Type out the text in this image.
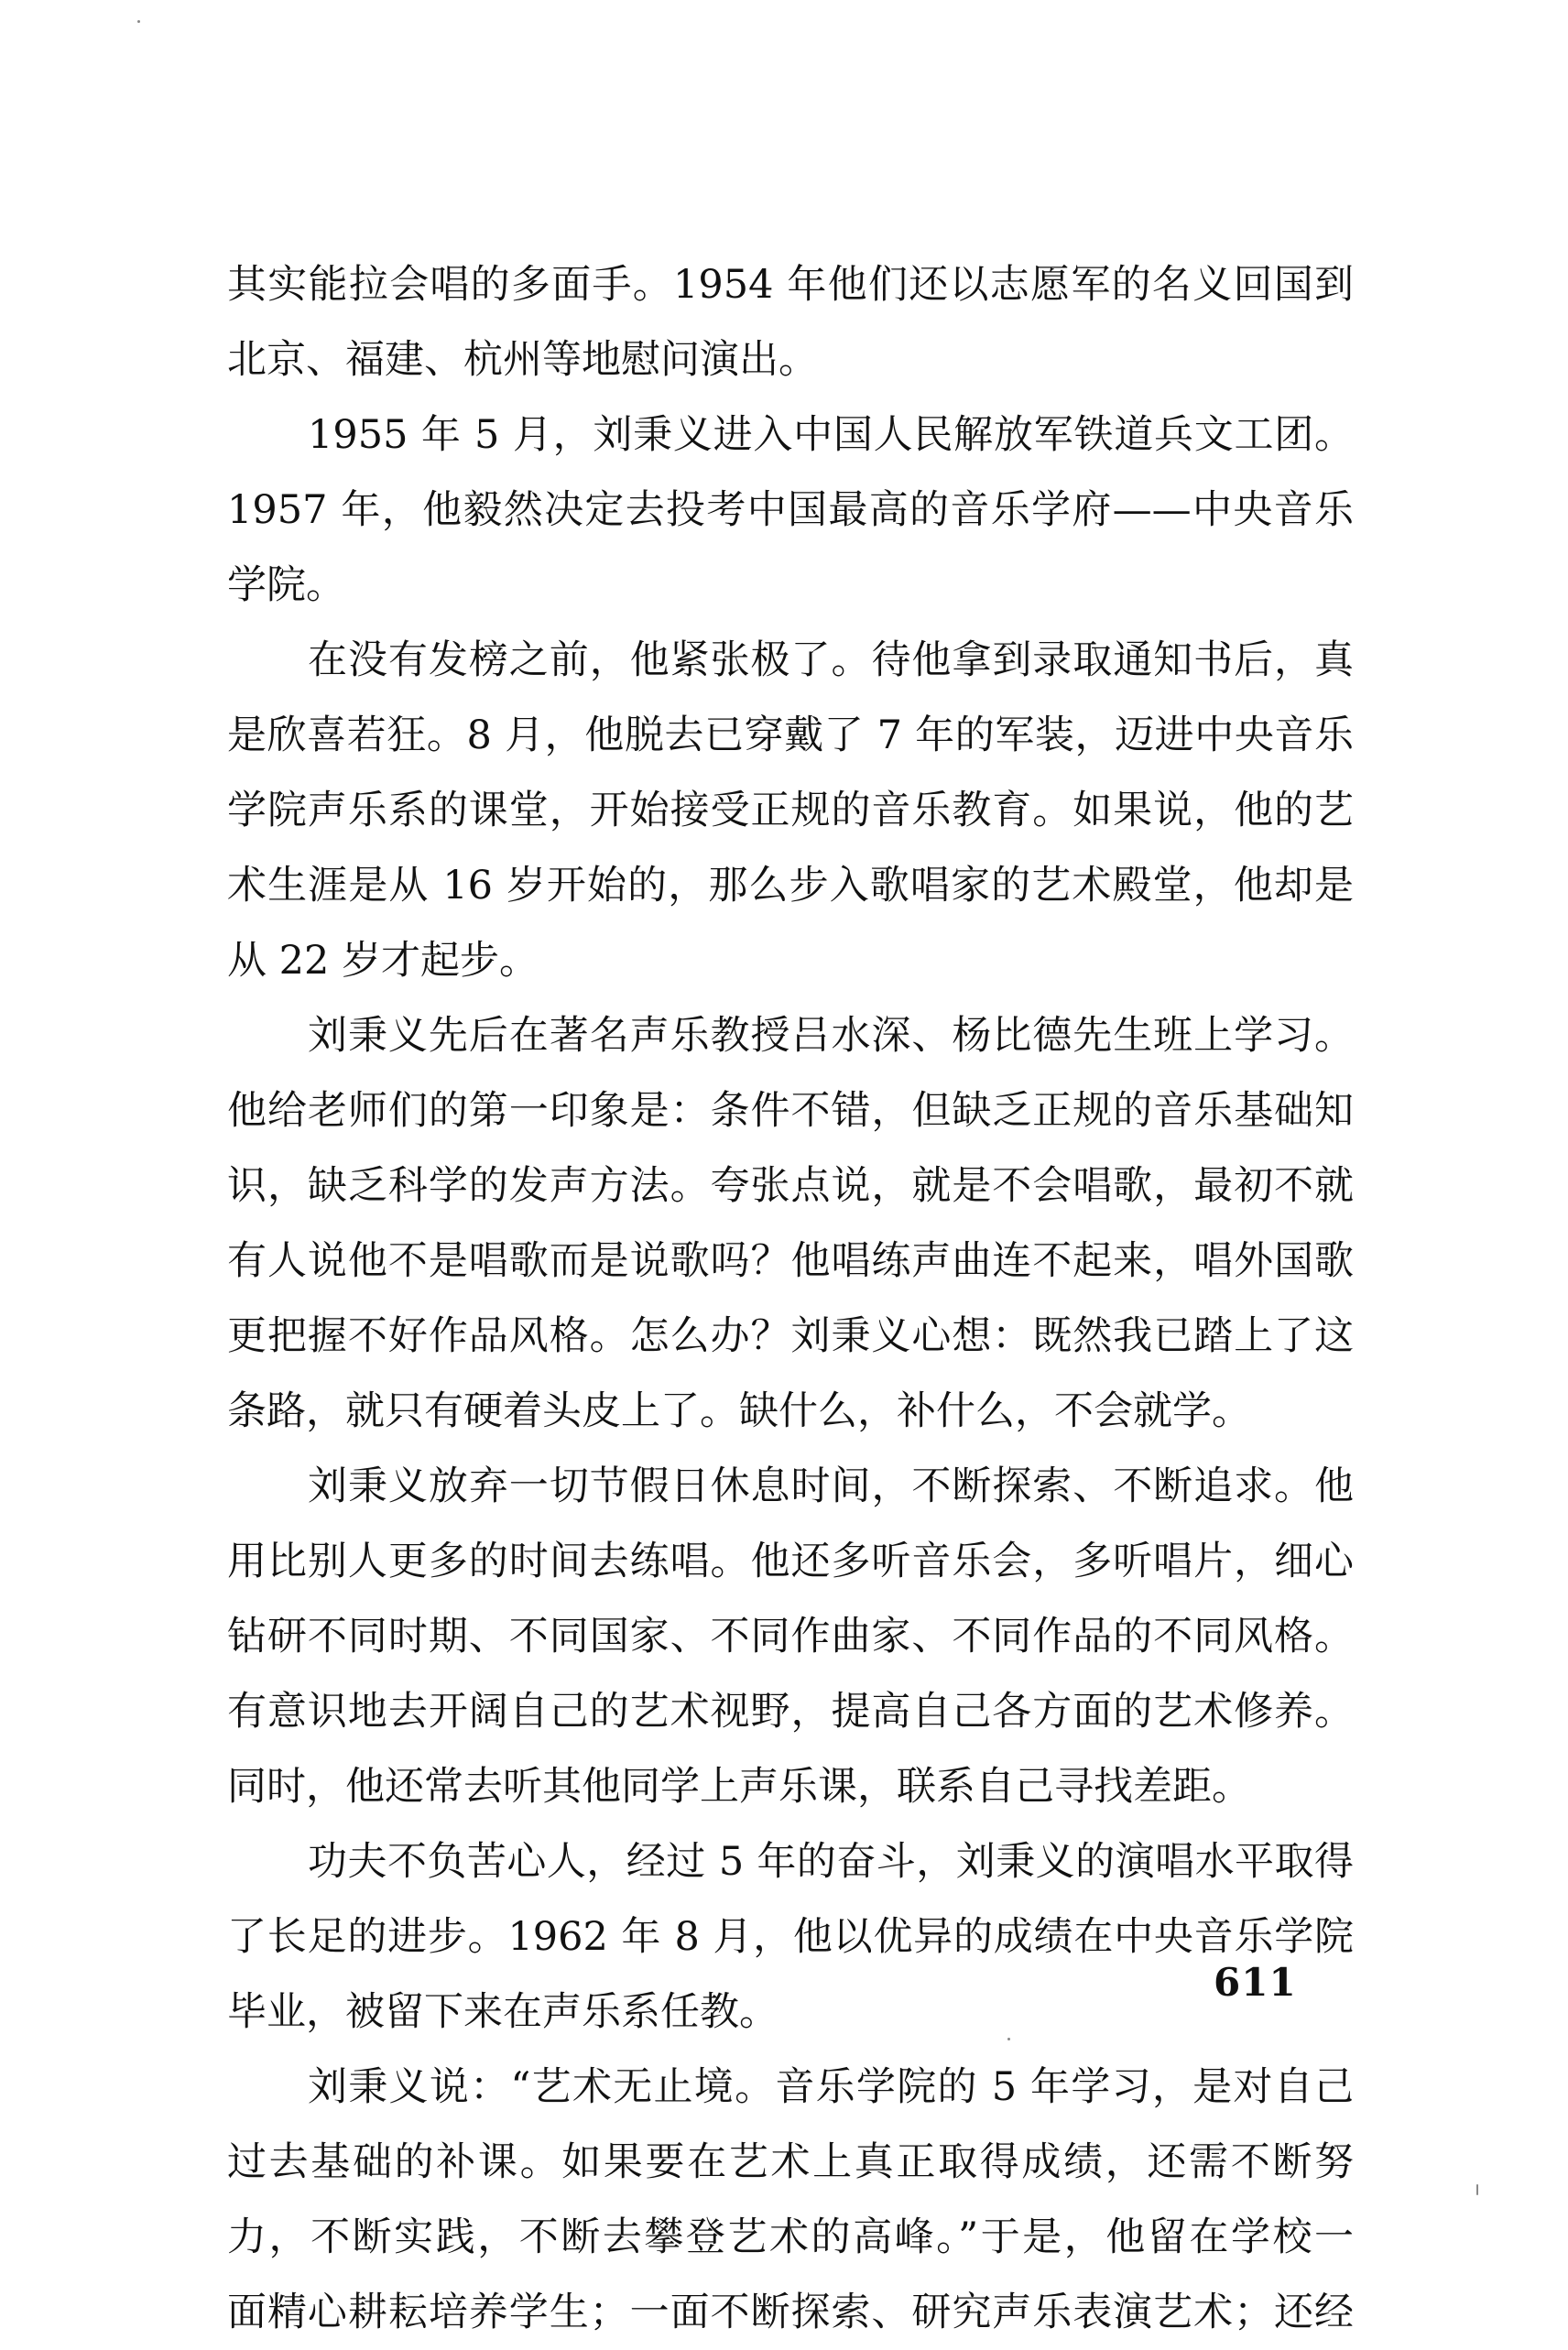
其实能拉会唱的多面手。1954 年他们还以志愿军的名义回国到
北京、福建、杭州等地慰问演出。
1955 年 5 月，刘秉义进入中国人民解放军铁道兵文工团。
1957 年，他毅然决定去投考中国最高的音乐学府——中央音乐
学院。
在没有发榜之前，他紧张极了。待他拿到录取通知书后，真
是欣喜若狂。8 月，他脱去已穿戴了 7 年的军装，迈进中央音乐
学院声乐系的课堂，开始接受正规的音乐教育。如果说，他的艺
术生涯是从 16 岁开始的，那么步入歌唱家的艺术殿堂，他却是
从 22 岁才起步。
刘秉义先后在著名声乐教授吕水深、杨比德先生班上学习。
他给老师们的第一印象是：条件不错，但缺乏正规的音乐基础知
识，缺乏科学的发声方法。夸张点说，就是不会唱歌，最初不就
有人说他不是唱歌而是说歌吗？他唱练声曲连不起来，唱外国歌
更把握不好作品风格。怎么办？刘秉义心想：既然我已踏上了这
条路，就只有硬着头皮上了。缺什么，补什么，不会就学。
刘秉义放弃一切节假日休息时间，不断探索、不断追求。他
用比别人更多的时间去练唱。他还多听音乐会，多听唱片，细心
钻研不同时期、不同国家、不同作曲家、不同作品的不同风格。
有意识地去开阔自己的艺术视野，提高自己各方面的艺术修养。
同时，他还常去听其他同学上声乐课，联系自己寻找差距。
功夫不负苦心人，经过 5 年的奋斗，刘秉义的演唱水平取得
了长足的进步。1962 年 8 月，他以优异的成绩在中央音乐学院
毕业，被留下来在声乐系任教。
刘秉义说：“艺术无止境。音乐学院的 5 年学习，是对自己
过去基础的补课。如果要在艺术上真正取得成绩，还需不断努
力，不断实践，不断去攀登艺术的高峰。”于是，他留在学校一
面精心耕耘培养学生；一面不断探索、研究声乐表演艺术；还经
611
